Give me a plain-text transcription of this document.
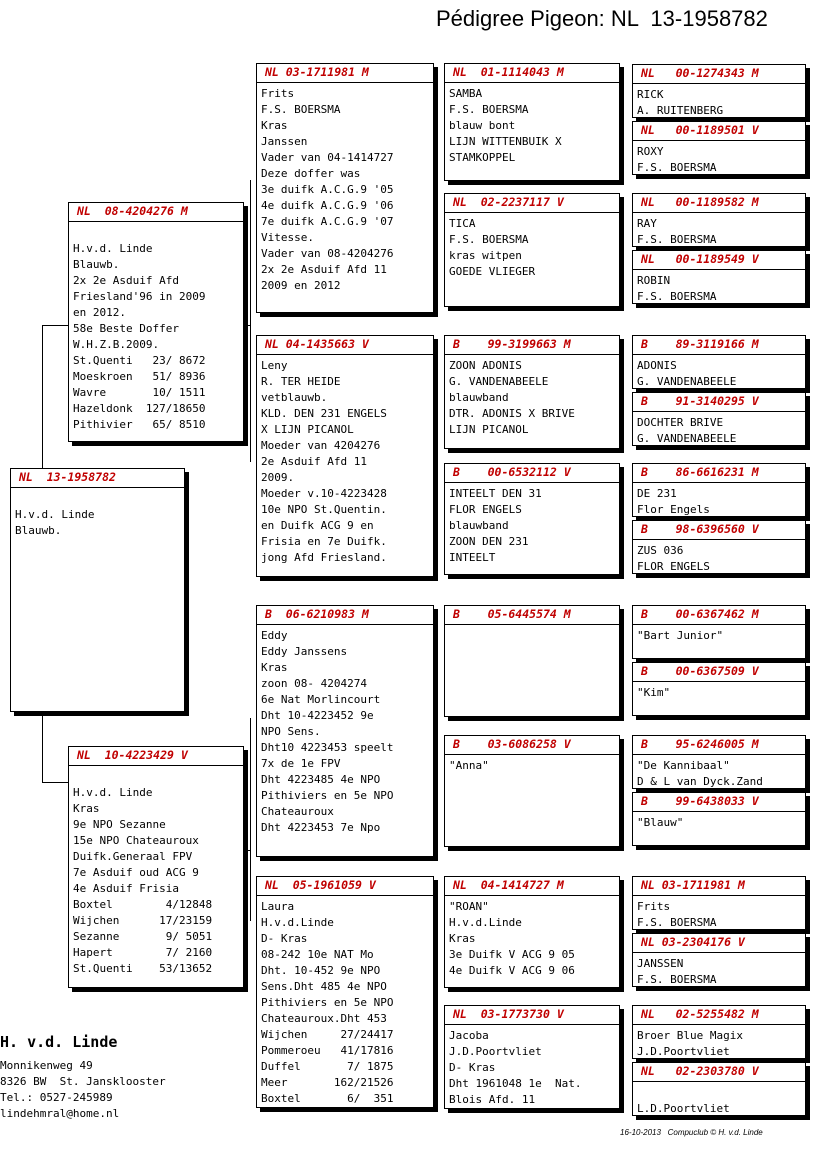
Pédigree Pigeon: NL  13-1958782
NL  13-1958782
H.v.d. Linde
Blauwb.
NL  08-4204276 M
H.v.d. Linde
Blauwb.
2x 2e Asduif Afd
Friesland'96 in 2009
en 2012.
58e Beste Doffer
W.H.Z.B.2009.
St.Quenti   23/ 8672
Moeskroen   51/ 8936
Wavre       10/ 1511
Hazeldonk  127/18650
Pithivier   65/ 8510
NL  10-4223429 V
H.v.d. Linde
Kras
9e NPO Sezanne
15e NPO Chateauroux
Duifk.Generaal FPV
7e Asduif oud ACG 9
4e Asduif Frisia
Boxtel        4/12848
Wijchen      17/23159
Sezanne       9/ 5051
Hapert        7/ 2160
St.Quenti    53/13652
NL 03-1711981 M
Frits
F.S. BOERSMA
Kras
Janssen
Vader van 04-1414727
Deze doffer was
3e duifk A.C.G.9 '05
4e duifk A.C.G.9 '06
7e duifk A.C.G.9 '07
Vitesse.
Vader van 08-4204276
2x 2e Asduif Afd 11
2009 en 2012
NL 04-1435663 V
Leny
R. TER HEIDE
vetblauwb.
KLD. DEN 231 ENGELS
X LIJN PICANOL
Moeder van 4204276
2e Asduif Afd 11
2009.
Moeder v.10-4223428
10e NPO St.Quentin.
en Duifk ACG 9 en
Frisia en 7e Duifk.
jong Afd Friesland.
B  06-6210983 M
Eddy
Eddy Janssens
Kras
zoon 08- 4204274
6e Nat Morlincourt
Dht 10-4223452 9e
NPO Sens.
Dht10 4223453 speelt
7x de 1e FPV
Dht 4223485 4e NPO
Pithiviers en 5e NPO
Chateauroux
Dht 4223453 7e Npo
NL  05-1961059 V
Laura
H.v.d.Linde
D- Kras
08-242 10e NAT Mo
Dht. 10-452 9e NPO
Sens.Dht 485 4e NPO
Pithiviers en 5e NPO
Chateauroux.Dht 453
Wijchen     27/24417
Pommeroeu   41/17816
Duffel       7/ 1875
Meer       162/21526
Boxtel       6/  351
NL  01-1114043 M
SAMBA
F.S. BOERSMA
blauw bont
LIJN WITTENBUIK X
STAMKOPPEL
NL  02-2237117 V
TICA
F.S. BOERSMA
kras witpen
GOEDE VLIEGER
B    99-3199663 M
ZOON ADONIS
G. VANDENABEELE
blauwband
DTR. ADONIS X BRIVE
LIJN PICANOL
B    00-6532112 V
INTEELT DEN 31
FLOR ENGELS
blauwband
ZOON DEN 231
INTEELT
B    05-6445574 M
B    03-6086258 V
"Anna"
NL  04-1414727 M
"ROAN"
H.v.d.Linde
Kras
3e Duifk V ACG 9 05
4e Duifk V ACG 9 06
NL  03-1773730 V
Jacoba
J.D.Poortvliet
D- Kras
Dht 1961048 1e  Nat.
Blois Afd. 11
NL   00-1274343 M
RICK
A. RUITENBERG
NL   00-1189501 V
ROXY
F.S. BOERSMA
NL   00-1189582 M
RAY
F.S. BOERSMA
NL   00-1189549 V
ROBIN
F.S. BOERSMA
B    89-3119166 M
ADONIS
G. VANDENABEELE
B    91-3140295 V
DOCHTER BRIVE
G. VANDENABEELE
B    86-6616231 M
DE 231
Flor Engels
B    98-6396560 V
ZUS 036
FLOR ENGELS
B    00-6367462 M
"Bart Junior"
B    00-6367509 V
"Kim"
B    95-6246005 M
"De Kannibaal"
D & L van Dyck.Zand
B    99-6438033 V
"Blauw"
NL 03-1711981 M
Frits
F.S. BOERSMA
NL 03-2304176 V
JANSSEN
F.S. BOERSMA
NL   02-5255482 M
Broer Blue Magix
J.D.Poortvliet
NL   02-2303780 V
L.D.Poortvliet
H. v.d. Linde
Monnikenweg 49
8326 BW  St. Jansklooster
Tel.: 0527-245989
lindehmral@home.nl
16-10-2013 Compuclub © H. v.d. Linde
